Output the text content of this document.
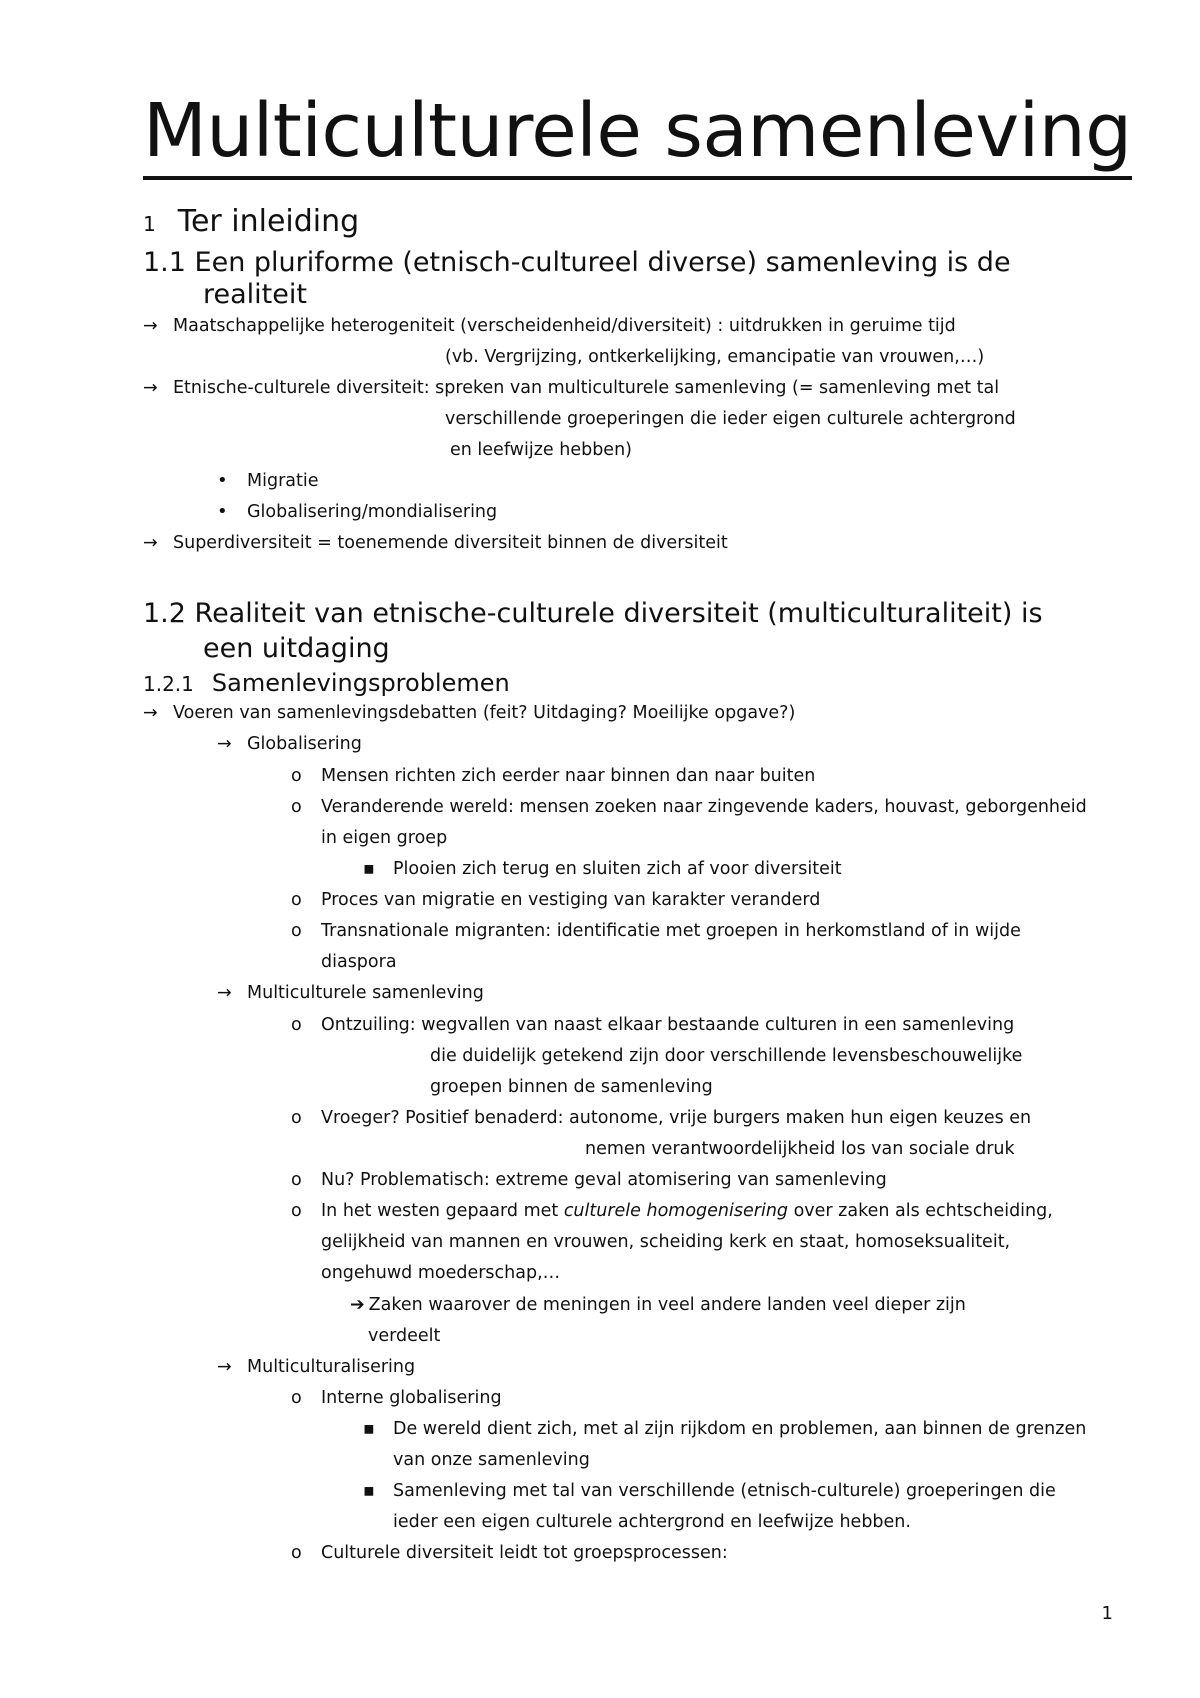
Multiculturele samenleving
1 Ter inleiding
1.1 Een pluriforme (etnisch-cultureel diverse) samenleving is de
realiteit
→ Maatschappelijke heterogeniteit (verscheidenheid/diversiteit) : uitdrukken in geruime tijd
(vb. Vergrijzing, ontkerkelijking, emancipatie van vrouwen,…)
→ Etnische-culturele diversiteit: spreken van multiculturele samenleving (= samenleving met tal
verschillende groeperingen die ieder eigen culturele achtergrond
en leefwijze hebben)
• Migratie
• Globalisering/mondialisering
→ Superdiversiteit = toenemende diversiteit binnen de diversiteit
1.2 Realiteit van etnische-culturele diversiteit (multiculturaliteit) is
een uitdaging
1.2.1 Samenlevingsproblemen
→ Voeren van samenlevingsdebatten (feit? Uitdaging? Moeilijke opgave?)
→ Globalisering
o Mensen richten zich eerder naar binnen dan naar buiten
o Veranderende wereld: mensen zoeken naar zingevende kaders, houvast, geborgenheid
in eigen groep
▪ Plooien zich terug en sluiten zich af voor diversiteit
o Proces van migratie en vestiging van karakter veranderd
o Transnationale migranten: identificatie met groepen in herkomstland of in wijde
diaspora
→ Multiculturele samenleving
o Ontzuiling: wegvallen van naast elkaar bestaande culturen in een samenleving
die duidelijk getekend zijn door verschillende levensbeschouwelijke
groepen binnen de samenleving
o Vroeger? Positief benaderd: autonome, vrije burgers maken hun eigen keuzes en
nemen verantwoordelijkheid los van sociale druk
o Nu? Problematisch: extreme geval atomisering van samenleving
o In het westen gepaard met culturele homogenisering over zaken als echtscheiding,
gelijkheid van mannen en vrouwen, scheiding kerk en staat, homoseksualiteit,
ongehuwd moederschap,…
➔ Zaken waarover de meningen in veel andere landen veel dieper zijn
verdeelt
→ Multiculturalisering
o Interne globalisering
▪ De wereld dient zich, met al zijn rijkdom en problemen, aan binnen de grenzen
van onze samenleving
▪ Samenleving met tal van verschillende (etnisch-culturele) groeperingen die
ieder een eigen culturele achtergrond en leefwijze hebben.
o Culturele diversiteit leidt tot groepsprocessen:
1
